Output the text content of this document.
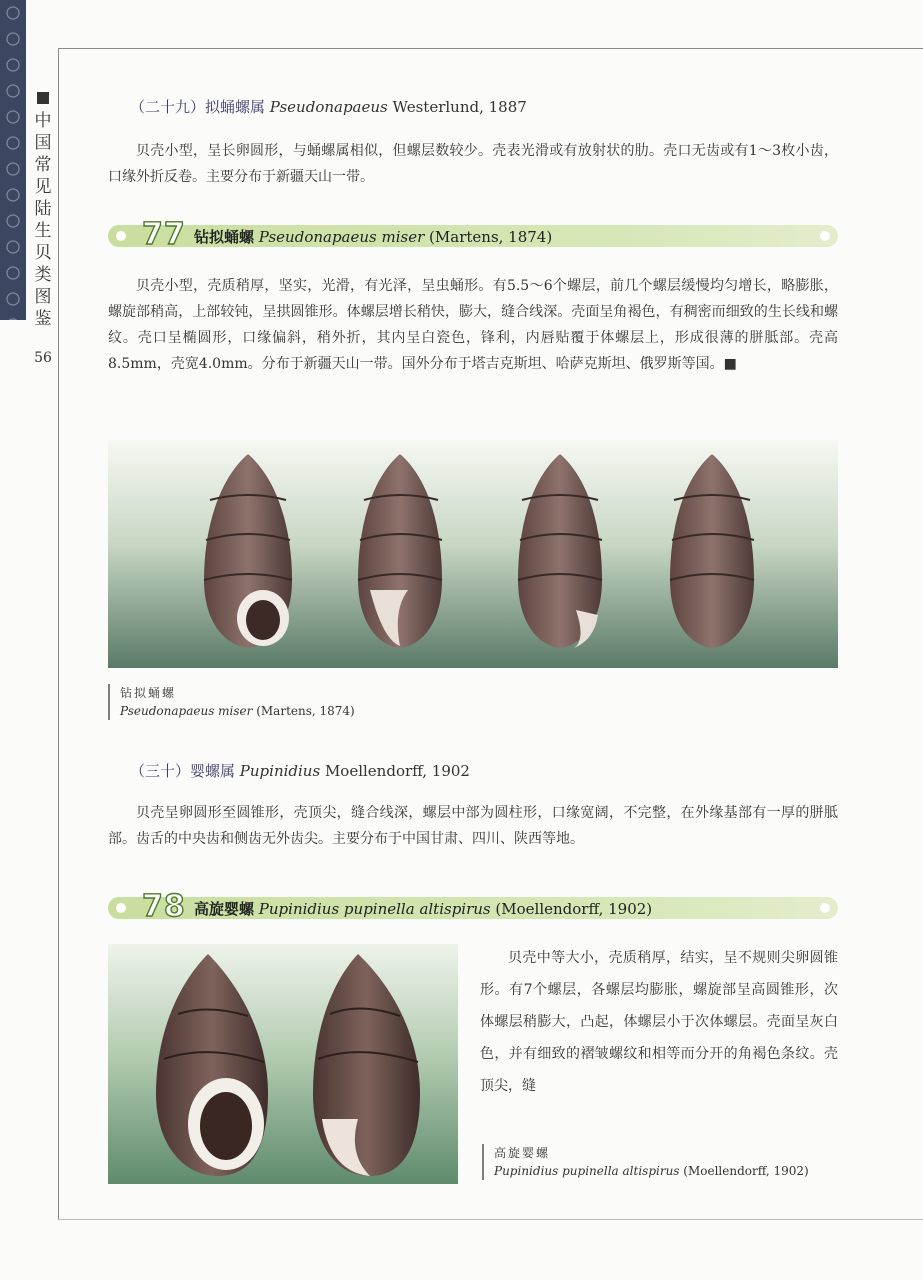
中
国
常
见
陆
生
贝
类
图
鉴
56
（二十九）拟蛹螺属 Pseudonapaeus Westerlund, 1887
贝壳小型，呈长卵圆形，与蛹螺属相似，但螺层数较少。壳表光滑或有放射状的肋。壳口无齿或有1～3枚小齿，口缘外折反卷。主要分布于新疆天山一带。
77 钻拟蛹螺 Pseudonapaeus miser (Martens, 1874)
贝壳小型，壳质稍厚，坚实，光滑，有光泽，呈虫蛹形。有5.5～6个螺层，前几个螺层缓慢均匀增长，略膨胀，螺旋部稍高，上部较钝，呈拱圆锥形。体螺层增长稍快，膨大，缝合线深。壳面呈角褐色，有稠密而细致的生长线和螺纹。壳口呈椭圆形，口缘偏斜，稍外折，其内呈白瓷色，锋利，内唇贴覆于体螺层上，形成很薄的胼胝部。壳高8.5mm，壳宽4.0mm。分布于新疆天山一带。国外分布于塔吉克斯坦、哈萨克斯坦、俄罗斯等国。■
钻拟蛹螺
Pseudonapaeus miser (Martens, 1874)
（三十）婴螺属 Pupinidius Moellendorff, 1902
贝壳呈卵圆形至圆锥形，壳顶尖，缝合线深，螺层中部为圆柱形，口缘宽阔，不完整，在外缘基部有一厚的胼胝部。齿舌的中央齿和侧齿无外齿尖。主要分布于中国甘肃、四川、陕西等地。
78 高旋婴螺 Pupinidius pupinella altispirus (Moellendorff, 1902)
贝壳中等大小，壳质稍厚，结实，呈不规则尖卵圆锥形。有7个螺层，各螺层均膨胀，螺旋部呈高圆锥形，次体螺层稍膨大，凸起，体螺层小于次体螺层。壳面呈灰白色，并有细致的褶皱螺纹和相等而分开的角褐色条纹。壳顶尖，缝
高旋婴螺
Pupinidius pupinella altispirus (Moellendorff, 1902)
